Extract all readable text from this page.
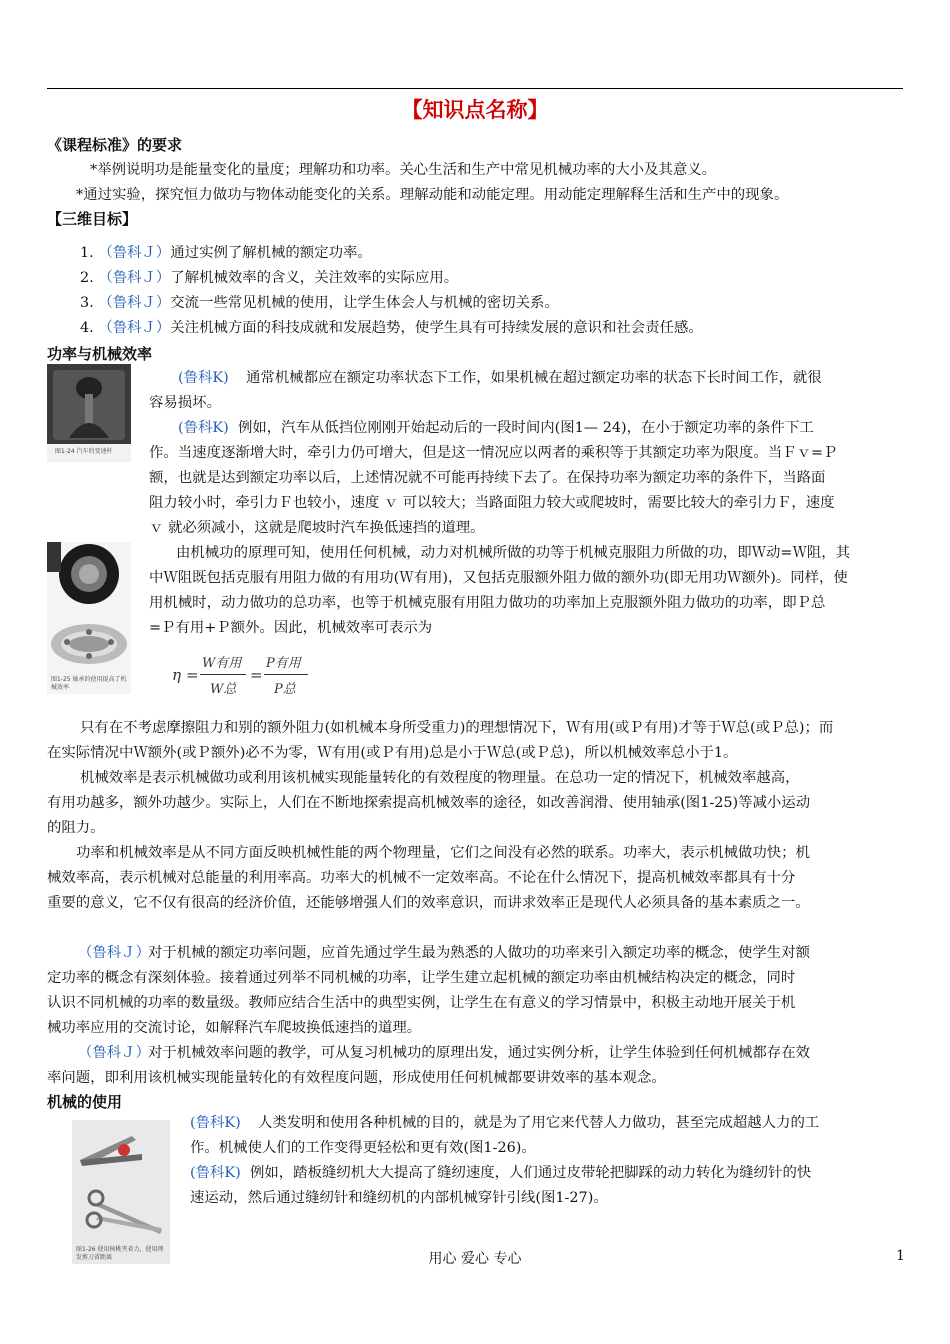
【知识点名称】
《课程标准》的要求
*举例说明功是能量变化的量度；理解功和功率。关心生活和生产中常见机械功率的大小及其意义。
*通过实验，探究恒力做功与物体动能变化的关系。理解动能和动能定理。用动能定理解释生活和生产中的现象。
【三维目标】
1. （鲁科Ｊ）通过实例了解机械的额定功率。
2. （鲁科Ｊ）了解机械效率的含义，关注效率的实际应用。
3. （鲁科Ｊ）交流一些常见机械的使用，让学生体会人与机械的密切关系。
4. （鲁科Ｊ）关注机械方面的科技成就和发展趋势，使学生具有可持续发展的意识和社会责任感。
功率与机械效率
图1-24 汽车的变速杆
图1-25 轴承的使用提高了机械效率
(鲁科K) 通常机械都应在额定功率状态下工作，如果机械在超过额定功率的状态下长时间工作，就很
容易损坏。
(鲁科K) 例如，汽车从低挡位刚刚开始起动后的一段时间内(图1— 24)，在小于额定功率的条件下工
作。当速度逐渐增大时，牵引力仍可增大，但是这一情况应以两者的乘积等于其额定功率为限度。当Ｆｖ=Ｐ
额，也就是达到额定功率以后，上述情况就不可能再持续下去了。在保持功率为额定功率的条件下，当路面
阻力较小时，牵引力Ｆ也较小，速度 ｖ 可以较大；当路面阻力较大或爬坡时，需要比较大的牵引力Ｆ，速度
ｖ 就必须减小，这就是爬坡时汽车换低速挡的道理。
由机械功的原理可知，使用任何机械，动力对机械所做的功等于机械克服阻力所做的功，即Ｗ动=Ｗ阻，其
中Ｗ阻既包括克服有用阻力做的有用功(Ｗ有用)，又包括克服额外阻力做的额外功(即无用功Ｗ额外)。同样，使
用机械时，动力做功的总功率，也等于机械克服有用阻力做功的功率加上克服额外阻力做功的功率，即Ｐ总
=Ｐ有用+Ｐ额外。因此，机械效率可表示为
η =
W有用
W总
=
P有用
P总
只有在不考虑摩擦阻力和别的额外阻力(如机械本身所受重力)的理想情况下，Ｗ有用(或Ｐ有用)才等于Ｗ总(或Ｐ总)；而
在实际情况中Ｗ额外(或Ｐ额外)必不为零，Ｗ有用(或Ｐ有用)总是小于Ｗ总(或Ｐ总)，所以机械效率总小于1。
机械效率是表示机械做功或利用该机械实现能量转化的有效程度的物理量。在总功一定的情况下，机械效率越高，
有用功越多，额外功越少。实际上，人们在不断地探索提高机械效率的途径，如改善润滑、使用轴承(图1-25)等减小运动
的阻力。
功率和机械效率是从不同方面反映机械性能的两个物理量，它们之间没有必然的联系。功率大，表示机械做功快；机
械效率高，表示机械对总能量的利用率高。功率大的机械不一定效率高。不论在什么情况下，提高机械效率都具有十分
重要的意义，它不仅有很高的经济价值，还能够增强人们的效率意识，而讲求效率正是现代人必须具备的基本素质之一。
（鲁科Ｊ）
对于机械的额定功率问题，应首先通过学生最为熟悉的人做功的功率来引入额定功率的概念，使学生对额
定功率的概念有深刻体验。接着通过列举不同机械的功率，让学生建立起机械的额定功率由机械结构决定的概念，同时
认识不同机械的功率的数量级。教师应结合生活中的典型实例，让学生在有意义的学习情景中，积极主动地开展关于机
械功率应用的交流讨论，如解释汽车爬坡换低速挡的道理。
（鲁科Ｊ）
对于机械效率问题的教学，可从复习机械功的原理出发，通过实例分析，让学生体验到任何机械都存在效
率问题，即利用该机械实现能量转化的有效程度问题，形成使用任何机械都要讲效率的基本观念。
机械的使用
图1-26 使用核桃夹省力，使用理发剪刀省距离
(鲁科K) 人类发明和使用各种机械的目的，就是为了用它来代替人力做功，甚至完成超越人力的工
作。机械使人们的工作变得更轻松和更有效(图1-26)。
(鲁科K) 例如，踏板缝纫机大大提高了缝纫速度，人们通过皮带轮把脚踩的动力转化为缝纫针的快
速运动，然后通过缝纫针和缝纫机的内部机械穿针引线(图1-27)。
用心 爱心 专心	1
